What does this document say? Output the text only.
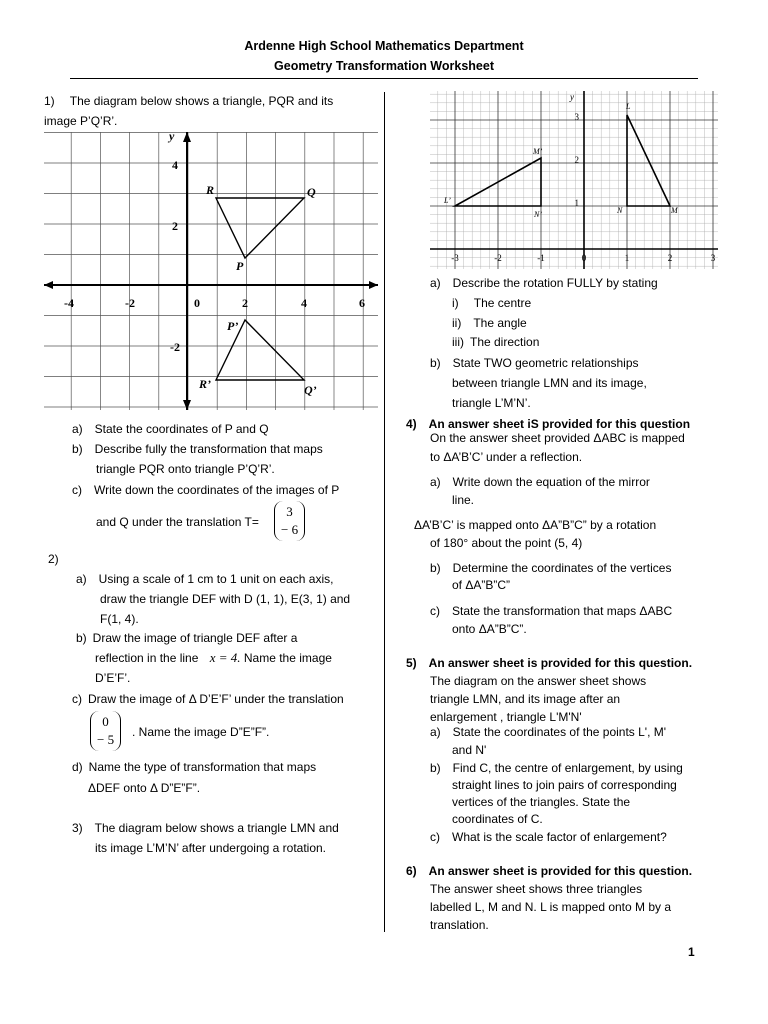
Ardenne High School Mathematics Department
Geometry Transformation Worksheet
1)  The diagram below shows a triangle, PQR and its
image P’Q’R’.
y
-4	-2	0	2	4	6
4
2
-2
R	Q
P
P’
R’	Q’
a) State the coordinates of P and Q
b) Describe fully the transformation that maps
triangle PQR onto triangle P’Q’R’.
c) Write down the coordinates of the images of P
and Q under the translation T=
3
− 6
2)
a) Using a scale of 1 cm to 1 unit on each axis,
draw the triangle DEF with D (1, 1), E(3, 1) and
F(1, 4).
b) Draw the image of triangle DEF after a
reflection in the line x = 4. Name the image
D’E’F’.
c) Draw the image of Δ D’E’F’ under the translation
0
− 5 . Name the image D”E”F”.
d) Name the type of transformation that maps
ΔDEF onto Δ D”E”F”.
3) The diagram below shows a triangle LMN and
its image L’M’N’ after undergoing a rotation.
y
-3	-2	-1	0	1	2	3
3
2
1
L’
M’
N’
L
N	M
a) Describe the rotation FULLY by stating
i)  The centre
ii) The angle
iii) The direction
b) State TWO geometric relationships
between triangle LMN and its image,
triangle L’M’N’.
4) An answer sheet iS provided for this question
On the answer sheet provided ΔABC is mapped
to ΔA’B’C’ under a reflection.
a) Write down the equation of the mirror
line.
ΔA’B’C’ is mapped onto ΔA”B”C” by a rotation
of 180° about the point (5, 4)
b) Determine the coordinates of the vertices
of ΔA”B”C”
c) State the transformation that maps ΔABC
onto ΔA”B”C”.
5) An answer sheet is provided for this question.
The diagram on the answer sheet shows
triangle LMN, and its image after an
enlargement , triangle L'M'N'
a) State the coordinates of the points L', M'
and N'
b) Find C, the centre of enlargement, by using
straight lines to join pairs of corresponding
vertices of the triangles. State the
coordinates of C.
c) What is the scale factor of enlargement?
6) An answer sheet is provided for this question.
The answer sheet shows three triangles
labelled L, M and N. L is mapped onto M by a
translation.
1
